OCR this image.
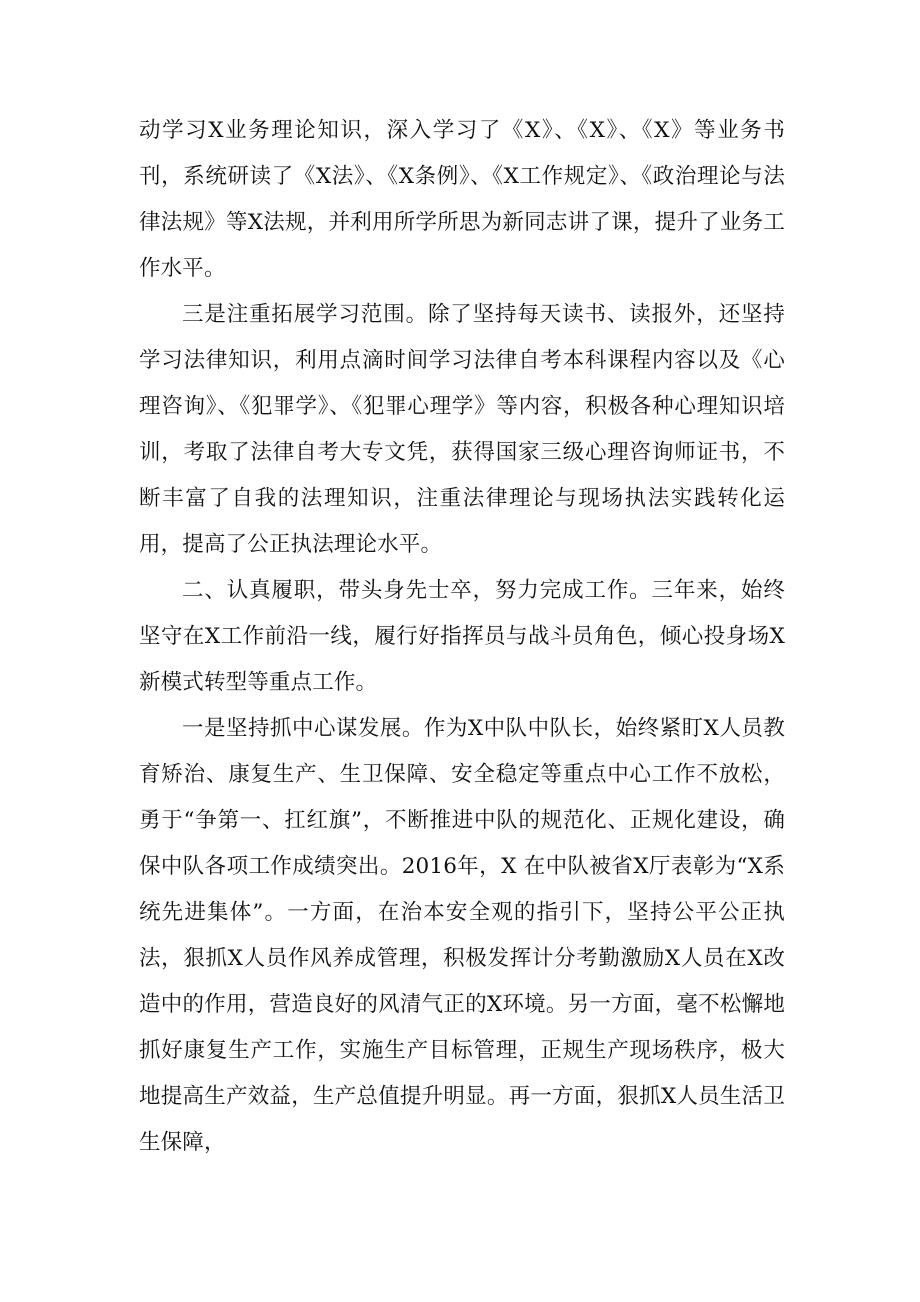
动学习X业务理论知识，深入学习了《X》、《X》、《X》等业务书刊，系统研读了《X法》、《X条例》、《X工作规定》、《政治理论与法律法规》等X法规，并利用所学所思为新同志讲了课，提升了业务工作水平。

三是注重拓展学习范围。除了坚持每天读书、读报外，还坚持学习法律知识，利用点滴时间学习法律自考本科课程内容以及《心理咨询》、《犯罪学》、《犯罪心理学》等内容，积极各种心理知识培训，考取了法律自考大专文凭，获得国家三级心理咨询师证书，不断丰富了自我的法理知识，注重法律理论与现场执法实践转化运用，提高了公正执法理论水平。

二、认真履职，带头身先士卒，努力完成工作。三年来，始终坚守在X工作前沿一线，履行好指挥员与战斗员角色，倾心投身场X新模式转型等重点工作。

一是坚持抓中心谋发展。作为X中队中队长，始终紧盯X人员教育矫治、康复生产、生卫保障、安全稳定等重点中心工作不放松，勇于“争第一、扛红旗”，不断推进中队的规范化、正规化建设，确保中队各项工作成绩突出。2016年，X 在中队被省X厅表彰为“X系统先进集体”。一方面，在治本安全观的指引下，坚持公平公正执法，狠抓X人员作风养成管理，积极发挥计分考勤激励X人员在X改造中的作用，营造良好的风清气正的X环境。另一方面，毫不松懈地抓好康复生产工作，实施生产目标管理，正规生产现场秩序，极大地提高生产效益，生产总值提升明显。再一方面，狠抓X人员生活卫生保障，
